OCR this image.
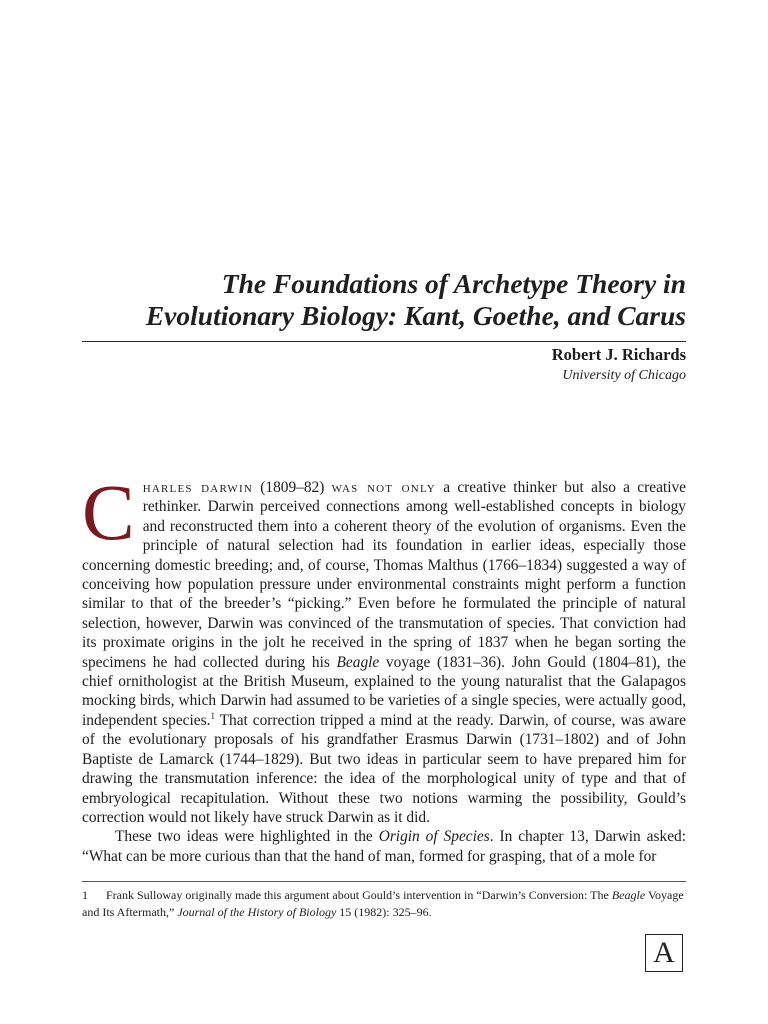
The Foundations of Archetype Theory in
Evolutionary Biology: Kant, Goethe, and Carus

Robert J. Richards

University of Chicago

Charles darwin (1809–82) was not only a creative thinker but also a creative rethinker. Darwin perceived connections among well-established concepts in biology and reconstructed them into a coherent theory of the evolution of organisms. Even the principle of natural selection had its foundation in earlier ideas, especially those concerning domestic breeding; and, of course, Thomas Malthus (1766–1834) suggested a way of conceiving how population pressure under environmental constraints might perform a function similar to that of the breeder’s “picking.” Even before he formulated the principle of natural selection, however, Darwin was convinced of the transmutation of species. That conviction had its proximate origins in the jolt he received in the spring of 1837 when he began sorting the specimens he had collected during his Beagle voyage (1831–36). John Gould (1804–81), the chief ornithologist at the British Museum, explained to the young naturalist that the Galapagos mocking birds, which Darwin had assumed to be varieties of a single species, were actually good, independent species.$^1$ That correction tripped a mind at the ready. Darwin, of course, was aware of the evolutionary proposals of his grandfather Erasmus Darwin (1731–1802) and of John Baptiste de Lamarck (1744–1829). But two ideas in particular seem to have prepared him for drawing the transmutation inference: the idea of the morphological unity of type and that of embryological recapitulation. Without these two notions warming the possibility, Gould’s correction would not likely have struck Darwin as it did.

These two ideas were highlighted in the Origin of Species. In chapter 13, Darwin asked: “What can be more curious than that the hand of man, formed for grasping, that of a mole for

1 Frank Sulloway originally made this argument about Gould’s intervention in “Darwin’s Conversion: The Beagle Voyage and Its Aftermath,” Journal of the History of Biology 15 (1982): 325–96.

A
